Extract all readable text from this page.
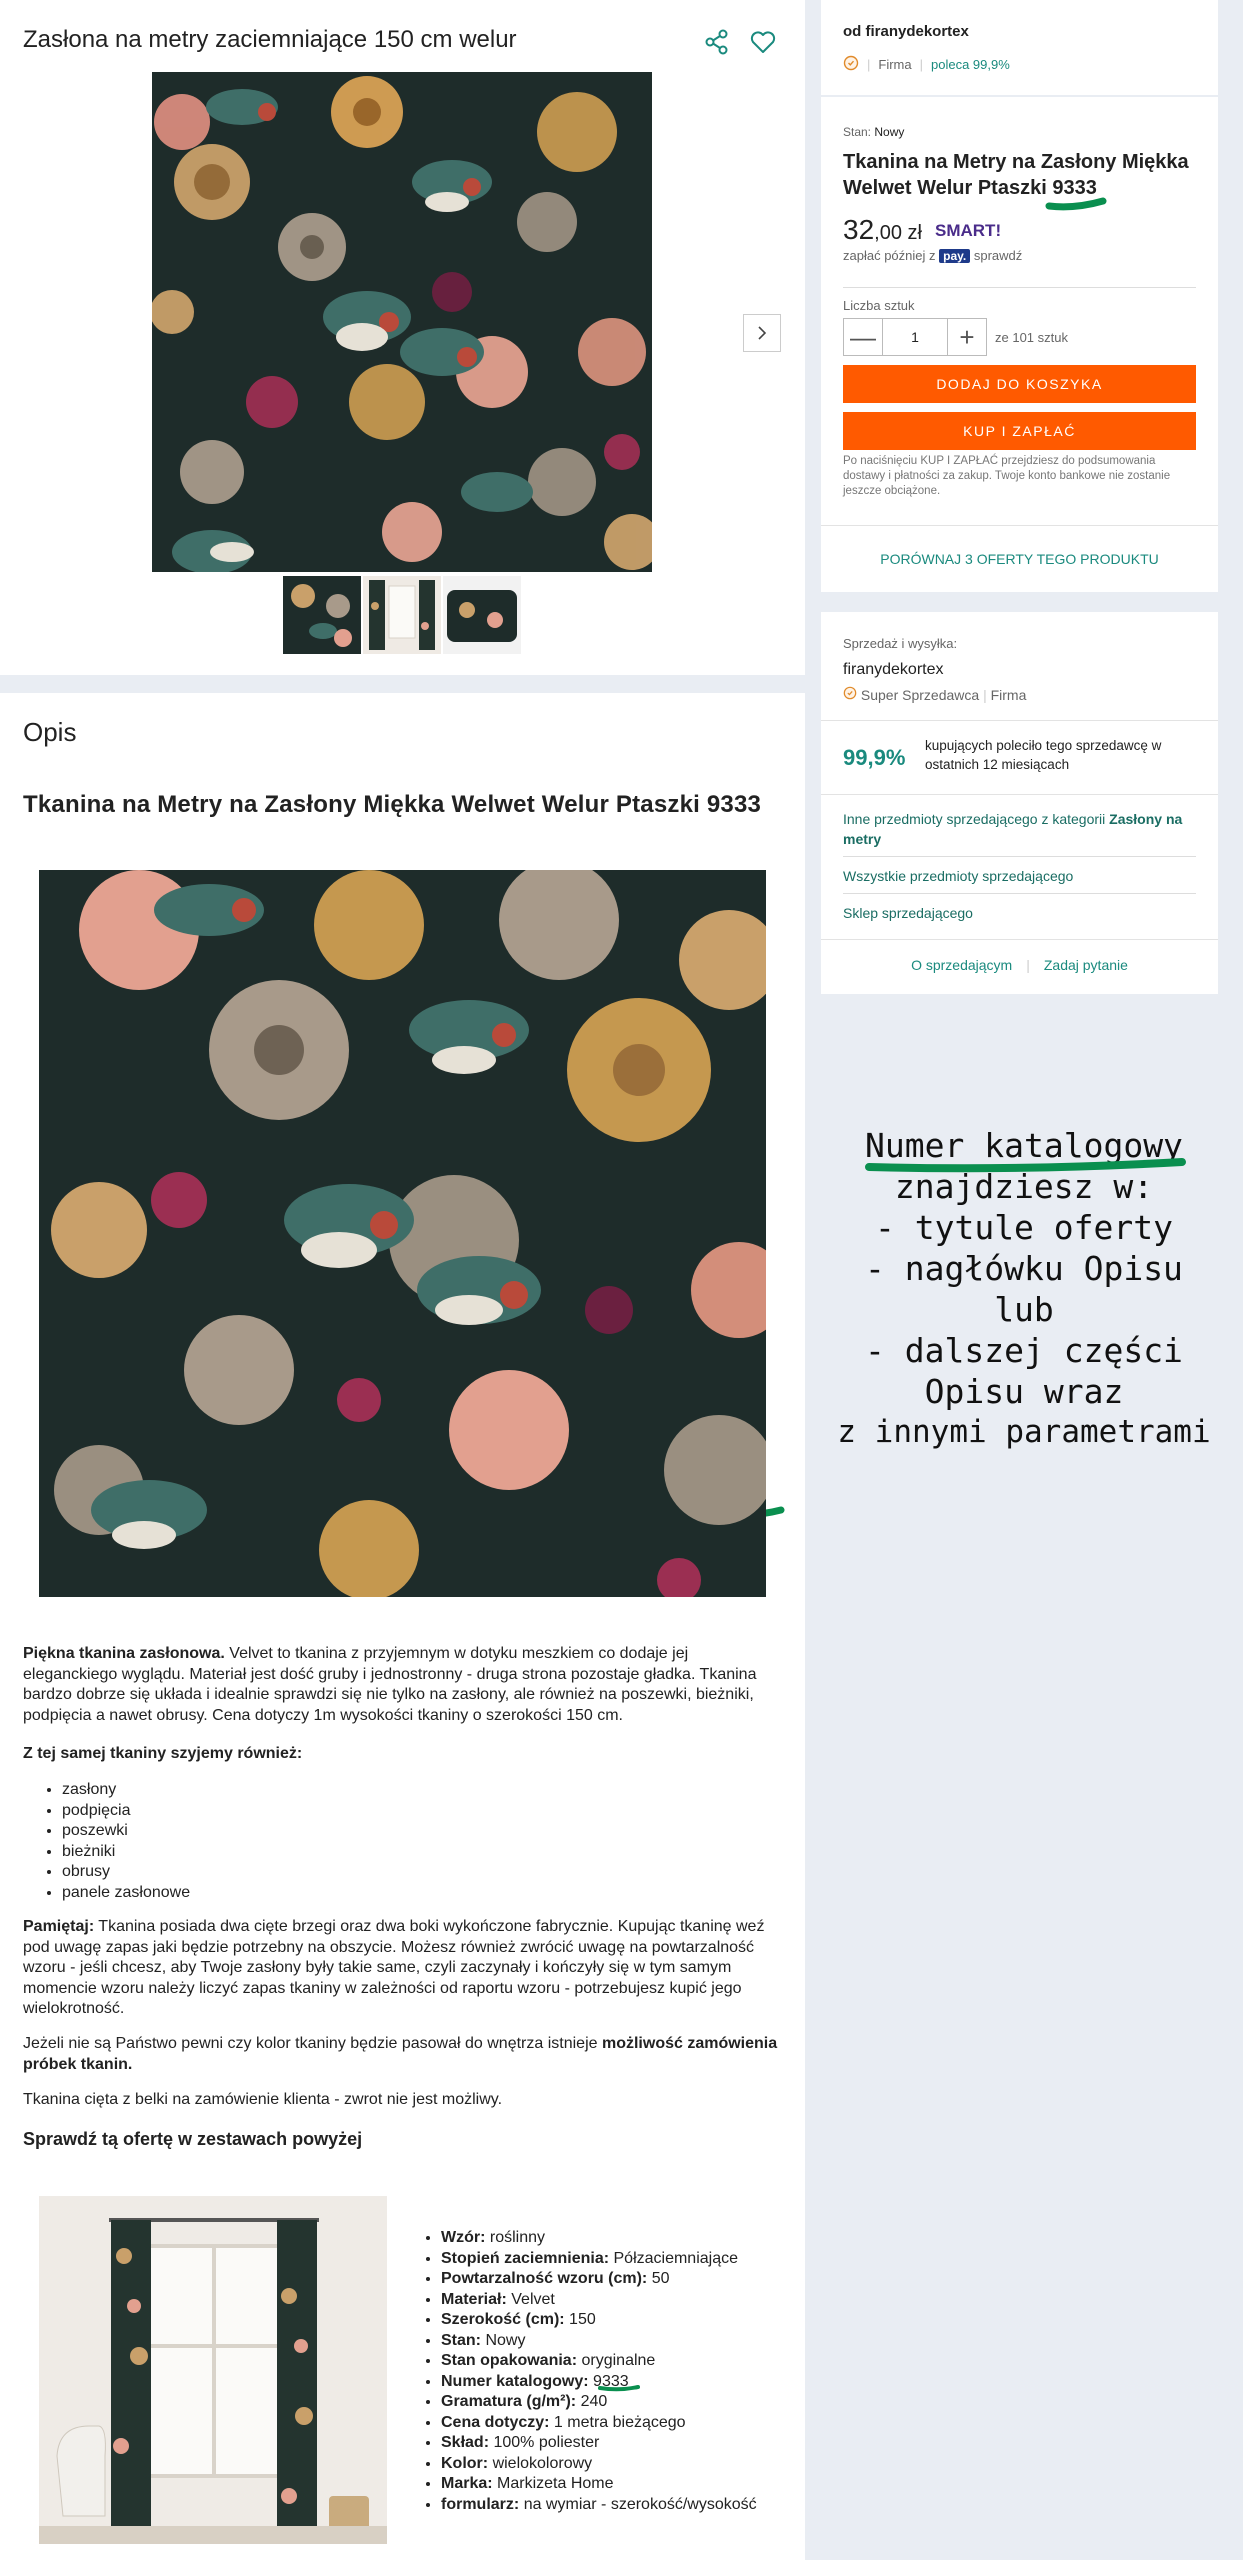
Zasłona na metry zaciemniające 150 cm welur
Opis
Tkanina na Metry na Zasłony Miękka Welwet Welur Ptaszki 9333
Piękna tkanina zasłonowa. Velvet to tkanina z przyjemnym w dotyku meszkiem co dodaje jej eleganckiego wyglądu. Materiał jest dość gruby i jednostronny - druga strona pozostaje gładka. Tkanina bardzo dobrze się układa i idealnie sprawdzi się nie tylko na zasłony, ale również na poszewki, bieżniki, podpięcia a nawet obrusy. Cena dotyczy 1m wysokości tkaniny o szerokości 150 cm.
Z tej samej tkaniny szyjemy również:
• zasłony
• podpięcia
• poszewki
• bieżniki
• obrusy
• panele zasłonowe
Pamiętaj: Tkanina posiada dwa cięte brzegi oraz dwa boki wykończone fabrycznie. Kupując tkaninę weź pod uwagę zapas jaki będzie potrzebny na obszycie. Możesz również zwrócić uwagę na powtarzalność wzoru - jeśli chcesz, aby Twoje zasłony były takie same, czyli zaczynały i kończyły się w tym samym momencie wzoru należy liczyć zapas tkaniny w zależności od raportu wzoru - potrzebujesz kupić jego wielokrotność.
Jeżeli nie są Państwo pewni czy kolor tkaniny będzie pasował do wnętrza istnieje możliwość zamówienia próbek tkanin.
Tkanina cięta z belki na zamówienie klienta - zwrot nie jest możliwy.
Sprawdź tą ofertę w zestawach powyżej
• Wzór: roślinny
• Stopień zaciemnienia: Półzaciemniające
• Powtarzalność wzoru (cm): 50
• Materiał: Velvet
• Szerokość (cm): 150
• Stan: Nowy
• Stan opakowania: oryginalne
• Numer katalogowy: 9333
• Gramatura (g/m²): 240
• Cena dotyczy: 1 metra bieżącego
• Skład: 100% poliester
• Kolor: wielokolorowy
• Marka: Markizeta Home
• formularz: na wymiar - szerokość/wysokość
od firanydekortex
| Firma | poleca 99,9%
Stan: Nowy
Tkanina na Metry na Zasłony Miękka Welwet Welur Ptaszki 9333
32,00 zł SMART!
zapłać później z pay. sprawdź
Liczba sztuk
—	1	+ ze 101 sztuk
DODAJ DO KOSZYKA
KUP I ZAPŁAĆ
Po naciśnięciu KUP I ZAPŁAĆ przejdziesz do podsumowania dostawy i płatności za zakup. Twoje konto bankowe nie zostanie jeszcze obciążone.
PORÓWNAJ 3 OFERTY TEGO PRODUKTU
Sprzedaż i wysyłka:
firanydekortex
Super Sprzedawca | Firma
99,9% kupujących poleciło tego sprzedawcę w ostatnich 12 miesiącach
Inne przedmioty sprzedającego z kategorii Zasłony na metry
Wszystkie przedmioty sprzedającego
Sklep sprzedającego
O sprzedającym | Zadaj pytanie
Numer katalogowy
znajdziesz w:
- tytule oferty
- nagłówku Opisu
lub
- dalszej części
Opisu wraz
z innymi parametrami
